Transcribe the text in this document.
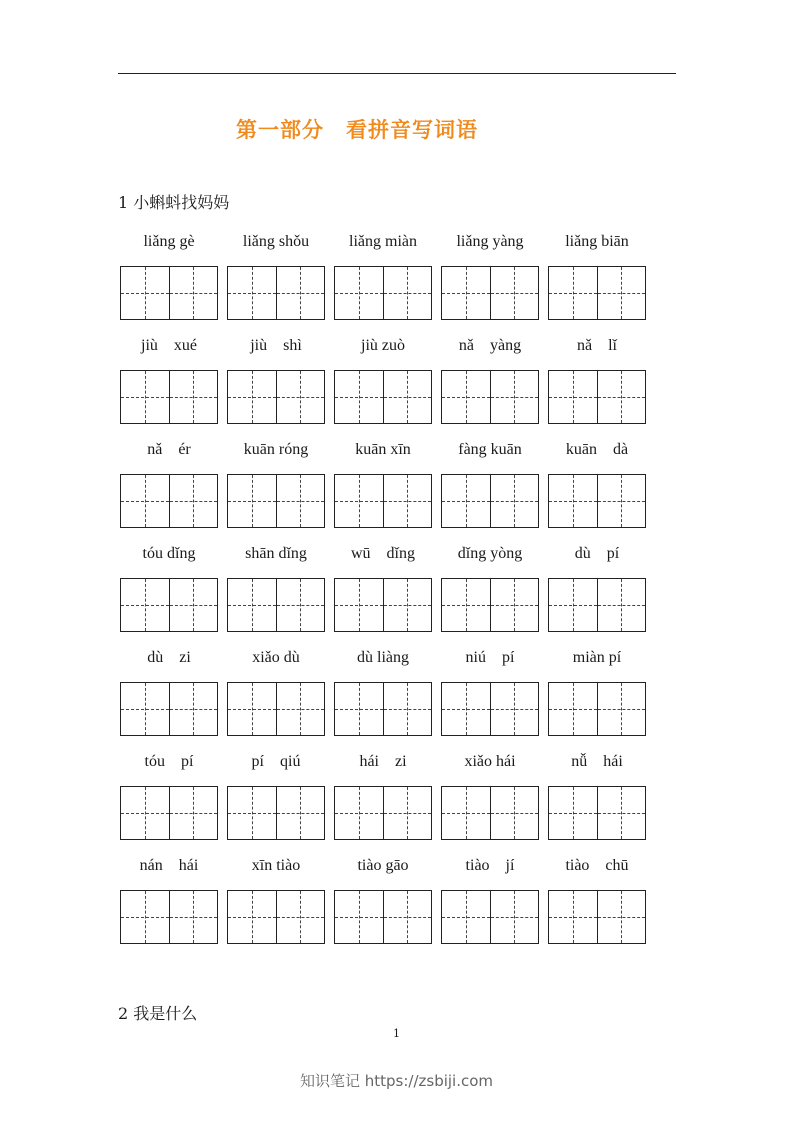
第一部分　看拼音写词语
1 小蝌蚪找妈妈
liǎng gè	liǎng shǒu	liǎng miàn	liǎng yàng	liǎng biān
jiù　xué	jiù　shì	jiù zuò	nǎ　yàng	nǎ　lǐ
nǎ　ér	kuān róng	kuān xīn	fàng kuān	kuān　dà
tóu dǐng	shān dǐng	wū　dǐng	dǐng yòng	dù　pí
dù　zi	xiǎo dù	dù liàng	niú　pí	miàn pí
tóu　pí	pí　qiú	hái　zi	xiǎo hái	nǚ　hái
nán　hái	xīn tiào	tiào gāo	tiào　jí	tiào　chū
2 我是什么
1
知识笔记 https://zsbiji.com
